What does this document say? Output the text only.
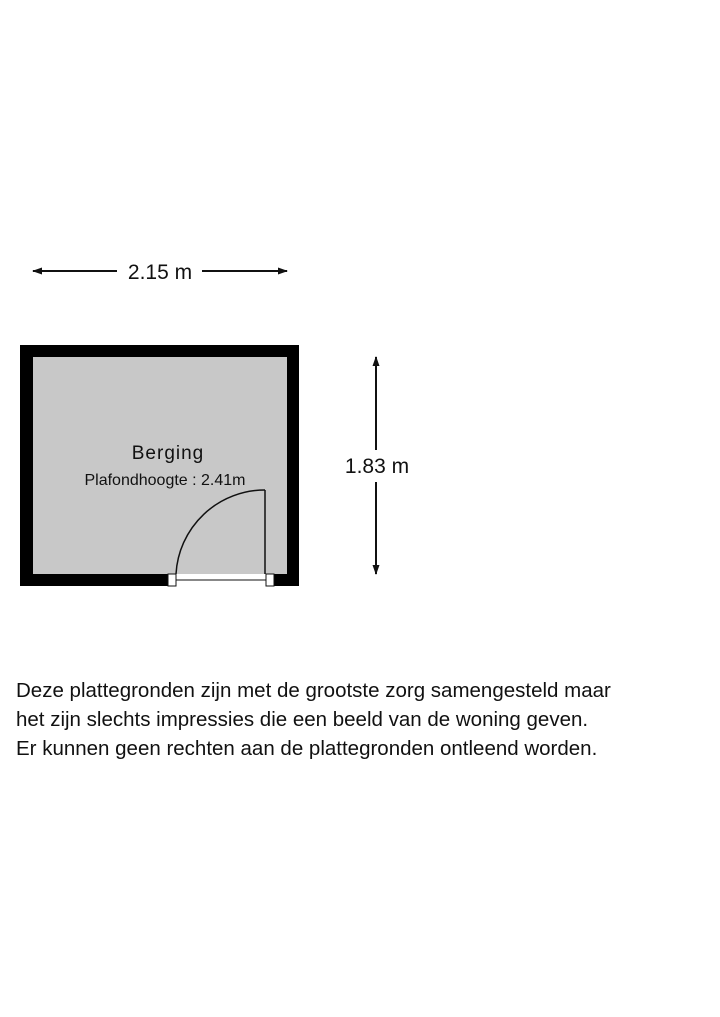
2.15 m
1.83 m
Berging
Plafondhoogte : 2.41m
Deze plattegronden zijn met de grootste zorg samengesteld maar
het zijn slechts impressies die een beeld van de woning geven.
Er kunnen geen rechten aan de plattegronden ontleend worden.
